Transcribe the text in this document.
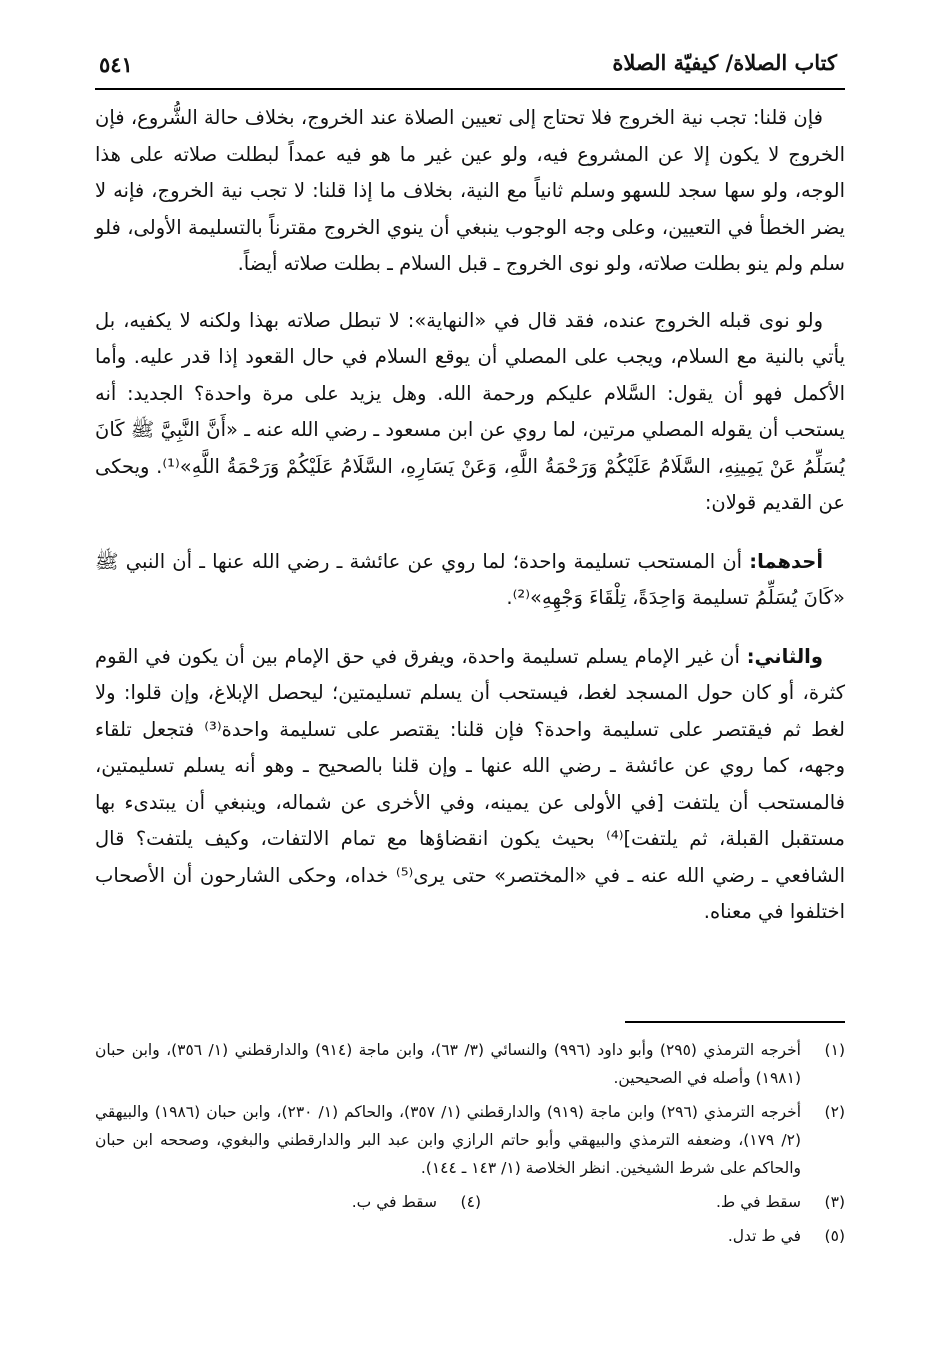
كتاب الصلاة/ كيفيّة الصلاة
٥٤١

فإن قلنا: تجب نية الخروج فلا تحتاج إلى تعيين الصلاة عند الخروج، بخلاف حالة الشُّروع، فإن الخروج لا يكون إلا عن المشروع فيه، ولو عين غير ما هو فيه عمداً لبطلت صلاته على هذا الوجه، ولو سها سجد للسهو وسلم ثانياً مع النية، بخلاف ما إذا قلنا: لا تجب نية الخروج، فإنه لا يضر الخطأ في التعيين، وعلى وجه الوجوب ينبغي أن ينوي الخروج مقترناً بالتسليمة الأولى، فلو سلم ولم ينو بطلت صلاته، ولو نوى الخروج ـ قبل السلام ـ بطلت صلاته أيضاً.

ولو نوى قبله الخروج عنده، فقد قال في «النهاية»: لا تبطل صلاته بهذا ولكنه لا يكفيه، بل يأتي بالنية مع السلام، ويجب على المصلي أن يوقع السلام في حال القعود إذا قدر عليه. وأما الأكمل فهو أن يقول: السَّلام عليكم ورحمة الله. وهل يزيد على مرة واحدة؟ الجديد: أنه يستحب أن يقوله المصلي مرتين، لما روي عن ابن مسعود ـ رضي الله عنه ـ «أَنَّ النَّبِيَّ ﷺ كَانَ يُسَلِّمُ عَنْ يَمِينِهِ، السَّلَامُ عَلَيْكُمْ وَرَحْمَةُ اللَّهِ، وَعَنْ يَسَارِهِ، السَّلَامُ عَلَيْكُمْ وَرَحْمَةُ اللَّهِ»⁽¹⁾. ويحكى عن القديم قولان:

أحدهما: أن المستحب تسليمة واحدة؛ لما روي عن عائشة ـ رضي الله عنها ـ أن النبي ﷺ «كَانَ يُسَلِّمُ تسليمة وَاحِدَةً، تِلْقَاءَ وَجْهِهِ»⁽²⁾.

والثاني: أن غير الإمام يسلم تسليمة واحدة، ويفرق في حق الإمام بين أن يكون في القوم كثرة، أو كان حول المسجد لغط، فيستحب أن يسلم تسليمتين؛ ليحصل الإبلاغ، وإن قلوا: ولا لغط ثم فيقتصر على تسليمة واحدة؟ فإن قلنا: يقتصر على تسليمة واحدة⁽³⁾ فتجعل تلقاء وجهه، كما روي عن عائشة ـ رضي الله عنها ـ وإن قلنا بالصحيح ـ وهو أنه يسلم تسليمتين، فالمستحب أن يلتفت [في الأولى عن يمينه، وفي الأخرى عن شماله، وينبغي أن يبتدىء بها مستقبل القبلة، ثم يلتفت]⁽⁴⁾ بحيث يكون انقضاؤها مع تمام الالتفات، وكيف يلتفت؟ قال الشافعي ـ رضي الله عنه ـ في «المختصر» حتى يرى⁽⁵⁾ خداه، وحكى الشارحون أن الأصحاب اختلفوا في معناه.

(١)
أخرجه الترمذي (٢٩٥) وأبو داود (٩٩٦) والنسائي (٣/ ٦٣)، وابن ماجة (٩١٤) والدارقطني (١/ ٣٥٦)، وابن حبان (١٩٨١) وأصله في الصحيحين.
(٢)
أخرجه الترمذي (٢٩٦) وابن ماجة (٩١٩) والدارقطني (١/ ٣٥٧)، والحاكم (١/ ٢٣٠)، وابن حبان (١٩٨٦) والبيهقي (٢/ ١٧٩)، وضعفه الترمذي والبيهقي وأبو حاتم الرازي وابن عبد البر والدارقطني والبغوي، وصححه ابن حبان والحاكم على شرط الشيخين. انظر الخلاصة (١/ ١٤٣ ـ ١٤٤).
(٣)
سقط في ط.
(٤)
سقط في ب.
(٥)
في ط تدل.
